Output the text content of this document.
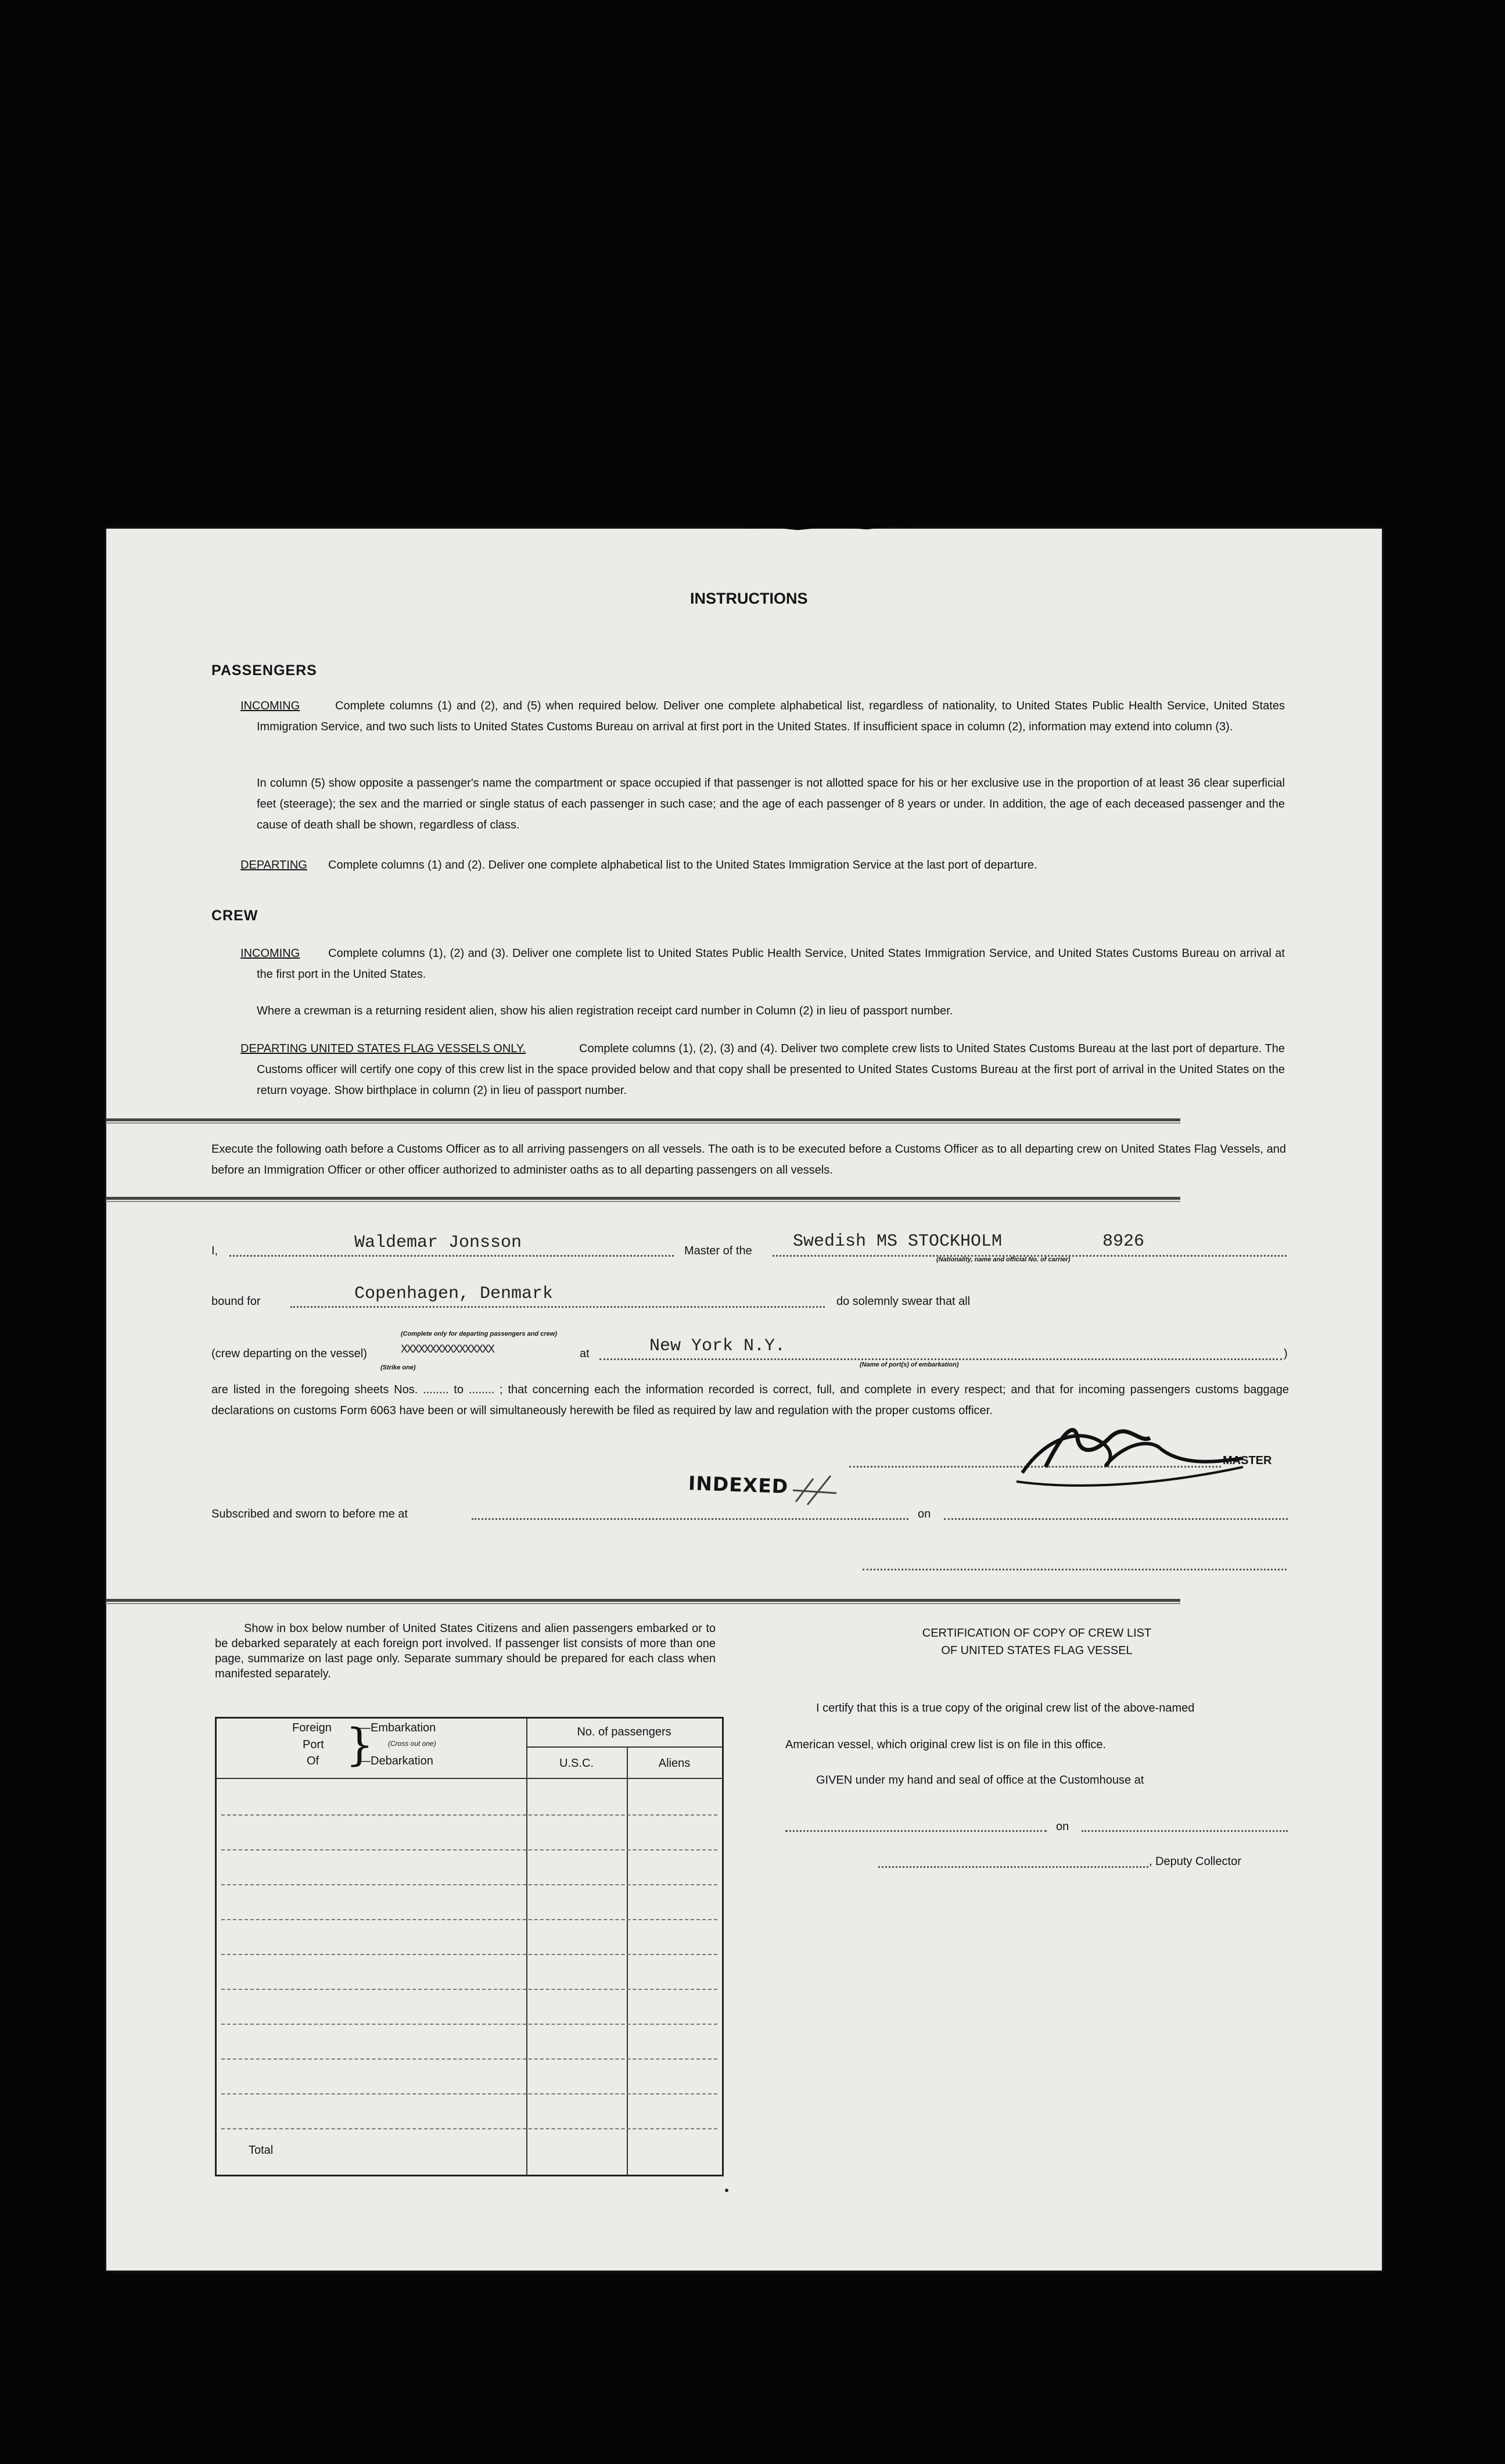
INSTRUCTIONS
PASSENGERS
INCOMING	Complete columns (1) and (2), and (5) when required below. Deliver one complete alphabetical list, regardless of nationality, to United States Public Health Service, United States Immigration Service, and two such lists to United States Customs Bureau on arrival at first port in the United States. If insufficient space in column (2), information may extend into column (3).
In column (5) show opposite a passenger's name the compartment or space occupied if that passenger is not allotted space for his or her exclusive use in the proportion of at least 36 clear superficial feet (steerage); the sex and the married or single status of each passenger in such case; and the age of each passenger of 8 years or under. In addition, the age of each deceased passenger and the cause of death shall be shown, regardless of class.
DEPARTING Complete columns (1) and (2). Deliver one complete alphabetical list to the United States Immigration Service at the last port of departure.
CREW
INCOMING	Complete columns (1), (2) and (3). Deliver one complete list to United States Public Health Service, United States Immigration Service, and United States Customs Bureau on arrival at the first port in the United States.
Where a crewman is a returning resident alien, show his alien registration receipt card number in Column (2) in lieu of passport number.
DEPARTING UNITED STATES FLAG VESSELS ONLY.	Complete columns (1), (2), (3) and (4). Deliver two complete crew lists to United States Customs Bureau at the last port of departure. The Customs officer will certify one copy of this crew list in the space provided below and that copy shall be presented to United States Customs Bureau at the first port of arrival in the United States on the return voyage. Show birthplace in column (2) in lieu of passport number.
Execute the following oath before a Customs Officer as to all arriving passengers on all vessels. The oath is to be executed before a Customs Officer as to all departing crew on United States Flag Vessels, and before an Immigration Officer or other officer authorized to administer oaths as to all departing passengers on all vessels.
I,	Waldemar Jonsson	Master of the Swedish MS STOCKHOLM	8926
(Nationality, name and official No. of carrier)
bound for	Copenhagen, Denmark
(Complete only for departing passengers and crew)
do solemnly swear that all
(crew departing on the vessel)	XXXXXXXXXXXXXXXX
(Strike one)
at	New York N.Y.
(Name of port(s) of embarkation)
)
are listed in the foregoing sheets Nos. ........ to ........ ; that concerning each the information recorded is correct, full, and complete in every respect; and that for incoming passengers customs baggage declarations on customs Form 6063 have been or will simultaneously herewith be filed as required by law and regulation with the proper customs officer.
MASTER
INDEXED
Subscribed and sworn to before me at	on
Show in box below number of United States Citizens and alien passengers embarked or to be debarked separately at each foreign port involved. If passenger list consists of more than one page, summarize on last page only. Separate summary should be prepared for each class when manifested separately.
Foreign
Port
Of }
—Embarkation
(Cross out one)
—Debarkation
No. of passengers
U.S.C.	Aliens
Total
CERTIFICATION OF COPY OF CREW LIST
OF UNITED STATES FLAG VESSEL
I certify that this is a true copy of the original crew list of the above-named
American vessel, which original crew list is on file in this office.
GIVEN under my hand and seal of office at the Customhouse at
on
, Deputy Collector
